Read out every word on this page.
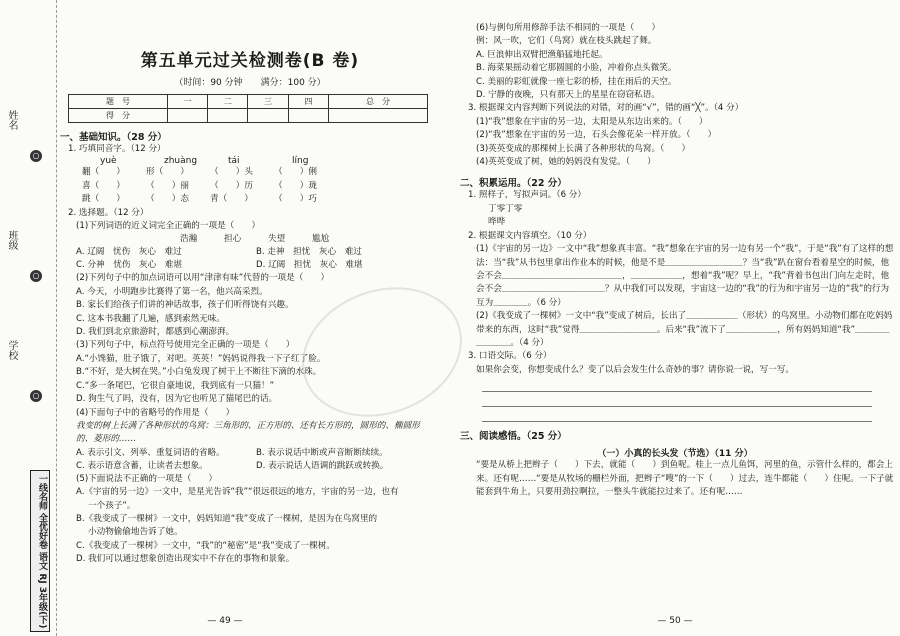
姓名
班级
学校
○
○
○
一线名师 全优好卷 语文 RJ 3年级(下)
第五单元过关检测卷(B 卷)
（时间：90 分钟　　满分：100 分）
题　号	一	二	三	四	总　分
得　分					
一、基础知识。（28 分）
1. 巧填同音字。（12 分）
yuè	zhuàng	tái	líng
翻（　　）	形（　　）	（　　）头	（　　）俐
喜（　　）	（　　）丽	（　　）历	（　　）珑
跳（　　）	（　　）态	青（　　）	（　　）巧
2. 选择题。（12 分）
(1)下列词语的近义词完全正确的一项是（　　）
浩瀚	担心	失望	尴尬
A. 辽阔　忧伤　灰心　难过	B. 走神　担忧　灰心　难过
C. 分神　忧伤　灰心　难堪	D. 辽阔　担忧　灰心　难堪
(2)下列句子中的加点词语可以用“津津有味”代替的一项是（　　）
A. 今天，小明跑步比赛得了第一名，他兴高采烈。
B. 家长们给孩子们讲的神话故事，孩子们听得饶有兴趣。
C. 这本书我翻了几遍，感到索然无味。
D. 我们到北京旅游时，都感到心潮澎湃。
(3)下列句子中，标点符号使用完全正确的一项是（　　）
A.“小馋猫，肚子饿了，对吧。英英！”妈妈说得我一下子红了脸。
B.“不好，是大树在哭。”小白兔发现了树干上不断往下滴的水珠。
C.“多一条尾巴，它很自豪地说，我到底有一只猫！”
D. 狗生气了吗，没有，因为它也听见了猫尾巴的话。
(4)下面句子中的省略号的作用是（　　）
我变的树上长满了各种形状的鸟窝：三角形的、正方形的、还有长方形的，圆形的、椭圆形的、菱形的……
A. 表示引文、列举、重复词语的省略。	B. 表示说话中断或声音断断续续。
C. 表示语意含蓄，让读者去想象。	D. 表示说话人语调的跳跃或转换。
(5)下面说法不正确的一项是（　　）
A.《宇宙的另一边》一文中，是星光告诉“我”“很远很远的地方，宇宙的另一边，也有
一个孩子”。
B.《我变成了一棵树》一文中，妈妈知道“我”变成了一棵树，是因为在鸟窝里的
小动物偷偷地告诉了她。
C.《我变成了一棵树》一文中，“我”的“秘密”是“我”变成了一棵树。
D. 我们可以通过想象创造出现实中不存在的事物和景象。
— 49 —
(6)与例句所用修辞手法不相同的一项是（　　）
例：风一吹，它们（鸟窝）就在枝头跳起了舞。
A. 巨浪伸出双臂把渔船猛地托起。
B. 海菜果摇动着它那圆圆的小脸，冲着你点头微笑。
C. 美丽的彩虹就像一座七彩的桥，挂在雨后的天空。
D. 宁静的夜晚，只有那天上的星星在窃窃私语。
3. 根据课文内容判断下列说法的对错，对的画“√”，错的画“╳”。（4 分）
(1)“我”想象在宇宙的另一边，太阳是从东边出来的。（　　）
(2)“我”想象在宇宙的另一边，石头会像花朵一样开放。（　　）
(3)英英变成的那棵树上长满了各种形状的鸟窝。（　　）
(4)英英变成了树，她的妈妈没有发觉。（　　）
二、积累运用。（22 分）
1. 照样子，写拟声词。（6 分）
丁零丁零
哗哗
2. 根据课文内容填空。（10 分）
(1)《宇宙的另一边》一文中“我”想象真丰富。“我”想象在宇宙的另一边有另一个“我”，于是“我”有了这样的想法：当“我”从书包里拿出作业本的时候，他是不是＿＿＿＿＿＿＿＿＿？当“我”趴在窗台看着星空的时候，他会不会＿＿＿＿＿＿＿＿＿＿＿＿＿＿，＿＿＿＿＿＿，想着“我”呢？早上，“我”背着书包出门向左走时，他会不会＿＿＿＿＿＿＿＿＿＿＿＿？从中我们可以发现，宇宙这一边的“我”的行为和宇宙另一边的“我”的行为互为＿＿＿＿。（6 分）
(2)《我变成了一棵树》一文中“我”变成了树后，长出了＿＿＿＿＿＿（形状）的鸟窝里。小动物们都在吃妈妈带来的东西，这时“我”觉得＿＿＿＿＿＿＿＿＿。后来“我”流下了＿＿＿＿＿＿，所有妈妈知道“我”＿＿＿＿＿＿＿＿。（4 分）
3. 口语交际。（6 分）
如果你会变，你想变成什么？变了以后会发生什么奇妙的事？请你说一说，写一写。
三、阅读感悟。（25 分）
（一）小真的长头发（节选）（11 分）
“要是从桥上把辫子（　　）下去，就能（　　）到鱼呢。桂上一点儿鱼饵，河里的鱼，示管什么样的，都会上来。还有呢……“要是从牧场的栅栏外面，把辫子“嗖”的一下（　　）过去，连牛都能（　　）住呢。一下子就能套到牛角上，只要用劲拉啊拉，一整头牛就能拉过来了。还有呢……
— 50 —
